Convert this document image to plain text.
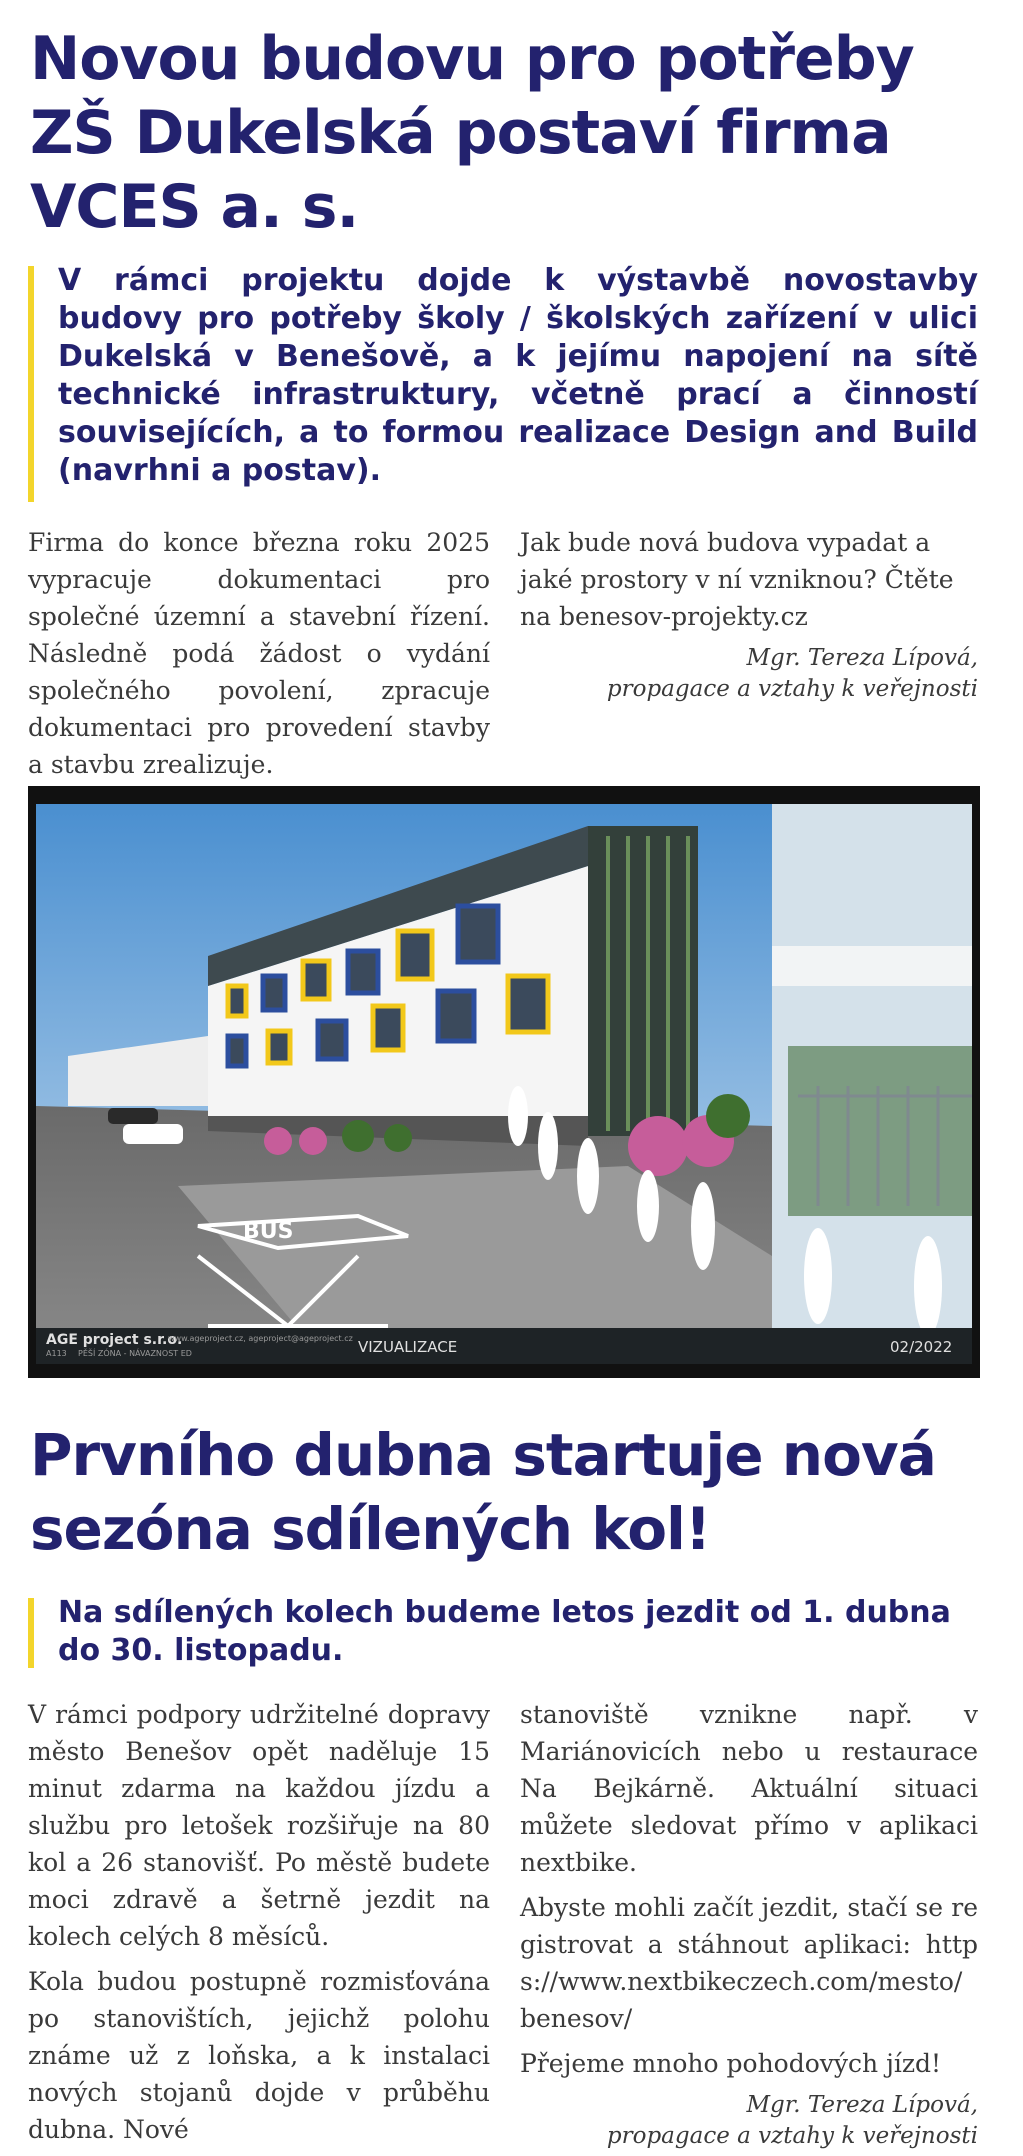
Novou budovu pro potřeby ZŠ Dukelská postaví firma VCES a. s.

V rámci projektu dojde k výstavbě novostavby budovy pro potřeby školy / školských zařízení v ulici Dukelská v Benešově, a k jejímu napojení na sítě technické infrastruktury, včetně prací a činností souvisejících, a to formou realizace Design and Build (navrhni a postav).

Firma do konce března roku 2025 vypracuje dokumentaci pro společné územní a stavební řízení. Následně podá žádost o vydání společného povolení, zpracuje dokumentaci pro provedení stavby a stavbu zrealizuje.

Jak bude nová budova vypadat a jaké prostory v ní vzniknou? Čtěte na benesov-projekty.cz

Mgr. Tereza Lípová,
propagace a vztahy k veřejnosti
BUS
AGE project s.r.o.
www.ageproject.cz, ageproject@ageproject.cz
A113 PĚŠÍ ZÓNA - NÁVAZNOST ED	VIZUALIZACE	02/2022
Prvního dubna startuje nová sezóna sdílených kol!

Na sdílených kolech budeme letos jezdit od 1. dubna do 30. listopadu.

V rámci podpory udržitelné dopravy město Benešov opět naděluje 15 minut zdarma na každou jízdu a službu pro letošek rozšiřuje na 80 kol a 26 stanovišť. Po městě budete moci zdravě a šetrně jezdit na kolech celých 8 měsíců.

Kola budou postupně rozmisťována po stanovištích, jejichž polohu známe už z loňska, a k instalaci nových stojanů dojde v průběhu dubna. Nové

stanoviště vznikne např. v Mariánovicích nebo u restaurace Na Bejkárně. Aktuální situaci můžete sledovat přímo v aplikaci nextbike.

Abyste mohli začít jezdit, stačí se registrovat a stáhnout aplikaci: https://www.nextbikeczech.com/mesto/benesov/

Přejeme mnoho pohodových jízd!

Mgr. Tereza Lípová,
propagace a vztahy k veřejnosti
